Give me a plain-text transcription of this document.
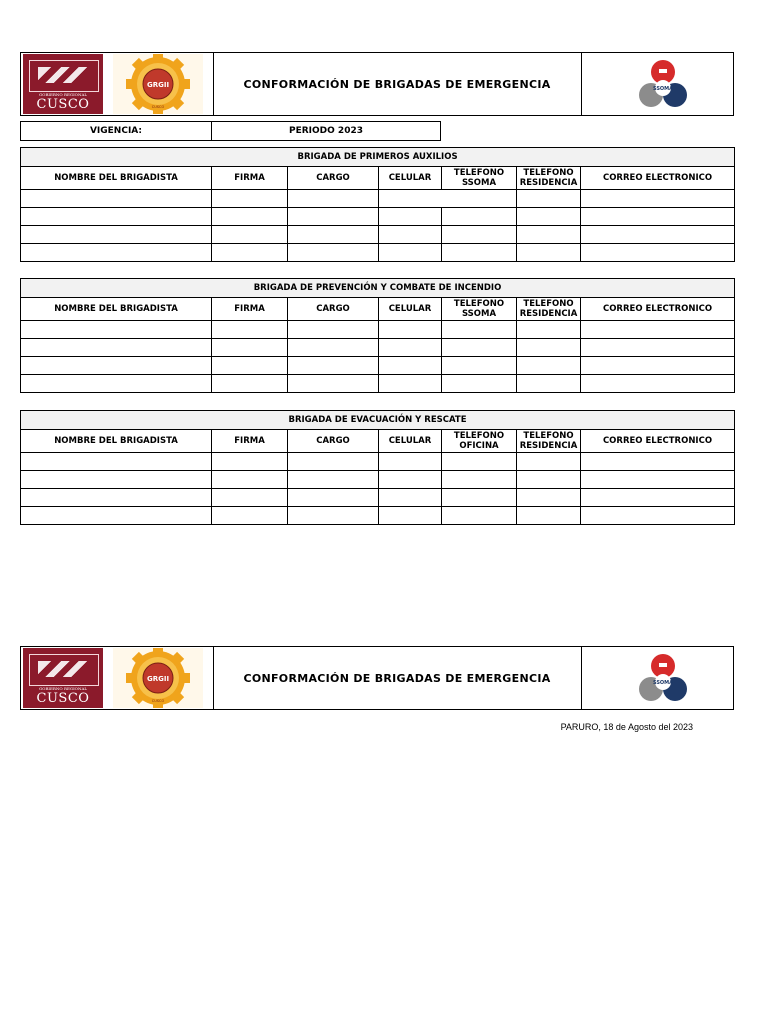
GOBIERNO REGIONAL
CUSCO
GRGII
CUSCO
CONFORMACIÓN DE BRIGADAS DE EMERGENCIA	SSOMA
VIGENCIA:	PERIODO 2023
BRIGADA DE PRIMEROS AUXILIOS						
NOMBRE DEL BRIGADISTA	FIRMA	CARGO	CELULAR	TELEFONO SSOMA	TELEFONO RESIDENCIA	CORREO ELECTRONICO

BRIGADA DE PREVENCIÓN Y COMBATE DE INCENDIO						
NOMBRE DEL BRIGADISTA	FIRMA	CARGO	CELULAR	TELEFONO SSOMA	TELEFONO RESIDENCIA	CORREO ELECTRONICO

BRIGADA DE EVACUACIÓN Y RESCATE						
NOMBRE DEL BRIGADISTA	FIRMA	CARGO	CELULAR	TELEFONO OFICINA	TELEFONO RESIDENCIA	CORREO ELECTRONICO

GOBIERNO REGIONAL
CUSCO
GRGII
CUSCO
CONFORMACIÓN DE BRIGADAS DE EMERGENCIA	SSOMA
PARURO, 18 de Agosto del 2023
